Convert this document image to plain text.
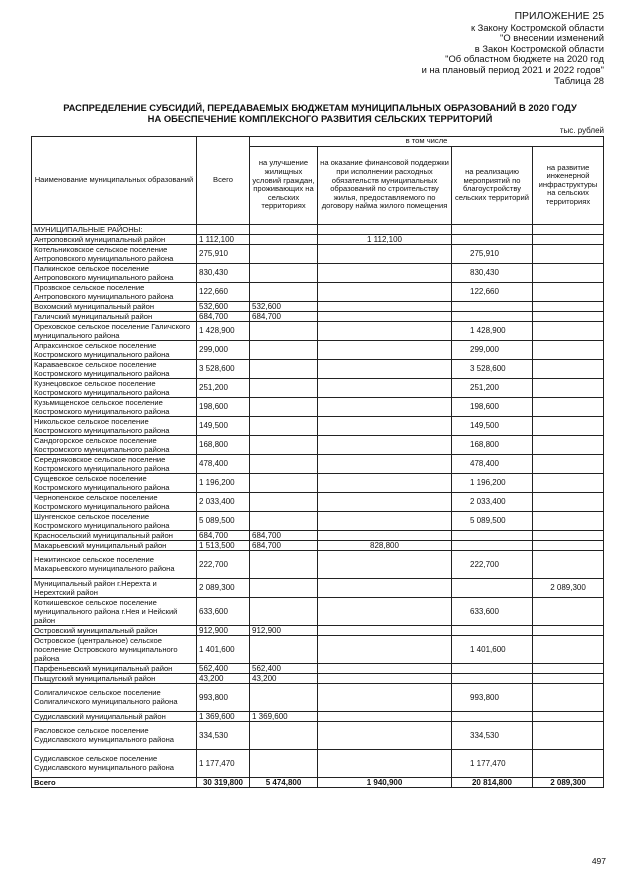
ПРИЛОЖЕНИЕ 25
к Закону Костромской области
"О внесении изменений
в Закон Костромской области
"Об областном бюджете на 2020 год
и на плановый период 2021 и 2022 годов"
Таблица 28
РАСПРЕДЕЛЕНИЕ СУБСИДИЙ, ПЕРЕДАВАЕМЫХ БЮДЖЕТАМ МУНИЦИПАЛЬНЫХ ОБРАЗОВАНИЙ В 2020 ГОДУ
НА ОБЕСПЕЧЕНИЕ КОМПЛЕКСНОГО РАЗВИТИЯ СЕЛЬСКИХ ТЕРРИТОРИЙ
тыс. рублей
Наименование муниципальных образований	Всего	в том числе			
		на улучшение жилищных условий граждан, проживающих на сельских территориях	на оказание финансовой поддержки при исполнении расходных обязательств муниципальных образований по строительству жилья, предоставляемого по договору найма жилого помещения	на реализацию мероприятий по благоустройству сельских территорий	на развитие инженерной инфраструктуры на сельских территориях
МУНИЦИПАЛЬНЫЕ РАЙОНЫ:					
Антроповский муниципальный район	1 112,100		1 112,100		
Котельниковское сельское поселение Антроповского муниципального района	275,910			275,910	
Палкинское сельское поселение Антроповского муниципального района	830,430			830,430	
Прозвское сельское поселение Антроповского муниципального района	122,660			122,660	
Вохомский муниципальный район	532,600	532,600			
Галичский муниципальный район	684,700	684,700			
Ореховское сельское поселение Галичского муниципального района	1 428,900			1 428,900	
Апраксинское сельское поселение Костромского муниципального района	299,000			299,000	
Караваевское сельское поселение Костромского муниципального района	3 528,600			3 528,600	
Кузнецовское сельское поселение Костромского муниципального района	251,200			251,200	
Кузьмищенское сельское поселение Костромского муниципального района	198,600			198,600	
Никольское сельское поселение Костромского муниципального района	149,500			149,500	
Сандогорское сельское поселение Костромского муниципального района	168,800			168,800	
Середняковское сельское поселение Костромского муниципального района	478,400			478,400	
Сущевское сельское поселение Костромского муниципального района	1 196,200			1 196,200	
Чернопенское сельское поселение Костромского муниципального района	2 033,400			2 033,400	
Шунгенское сельское поселение Костромского муниципального района	5 089,500			5 089,500	
Красносельский муниципальный район	684,700	684,700			
Макарьевский муниципальный район	1 513,500	684,700	828,800		
Нежитинское сельское поселение Макарьевского муниципального района	222,700			222,700	
Муниципальный район г.Нерехта и Нерехтский район	2 089,300				2 089,300
Коткишевское сельское поселение муниципального района г.Нея и Нейский район	633,600			633,600	
Островский муниципальный район	912,900	912,900			
Островское (центральное) сельское поселение Островского муниципального района	1 401,600			1 401,600	
Парфеньевский муниципальный район	562,400	562,400			
Пыщугский муниципальный район	43,200	43,200			
Солигаличское сельское поселение Солигаличского муниципального района	993,800			993,800	
Судиславский муниципальный район	1 369,600	1 369,600			
Расловское сельское поселение Судиславского муниципального района	334,530			334,530	
Судиславское сельское поселение Судиславского муниципального района	1 177,470			1 177,470	
Всего	30 319,800	5 474,800	1 940,900	20 814,800	2 089,300
497
